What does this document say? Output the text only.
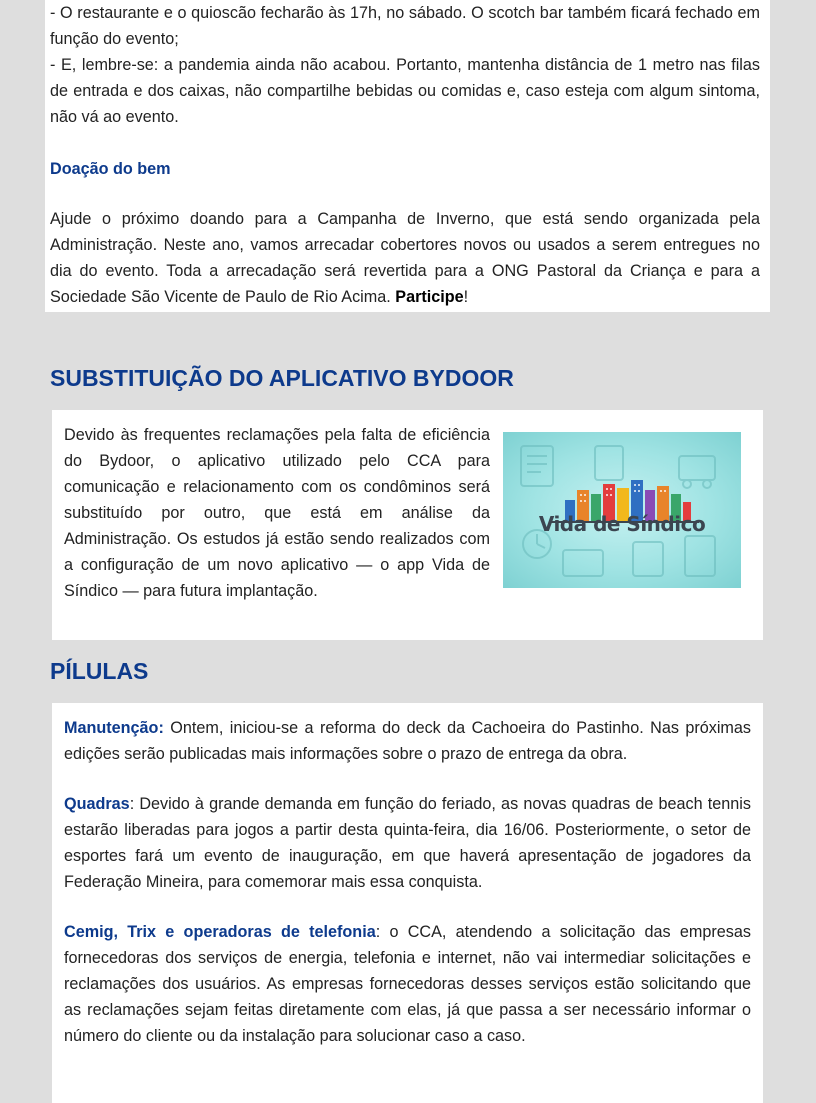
- O restaurante e o quioscão fecharão às 17h, no sábado. O scotch bar também ficará fechado em função do evento;

- E, lembre-se: a pandemia ainda não acabou. Portanto, mantenha distância de 1 metro nas filas de entrada e dos caixas, não compartilhe bebidas ou comidas e, caso esteja com algum sintoma, não vá ao evento.

Doação do bem

Ajude o próximo doando para a Campanha de Inverno, que está sendo organizada pela Administração. Neste ano, vamos arrecadar cobertores novos ou usados a serem entregues no dia do evento. Toda a arrecadação será revertida para a ONG Pastoral da Criança e para a Sociedade São Vicente de Paulo de Rio Acima. Participe!

SUBSTITUIÇÃO DO APLICATIVO BYDOOR

Devido às frequentes reclamações pela falta de eficiência do Bydoor, o aplicativo utilizado pelo CCA para comunicação e relacionamento com os condôminos será substituído por outro, que está em análise da Administração. Os estudos já estão sendo realizados com a configuração de um novo aplicativo — o app Vida de Síndico — para futura implantação.

Vida de Síndico
PÍLULAS

Manutenção: Ontem, iniciou-se a reforma do deck da Cachoeira do Pastinho. Nas próximas edições serão publicadas mais informações sobre o prazo de entrega da obra.

Quadras: Devido à grande demanda em função do feriado, as novas quadras de beach tennis estarão liberadas para jogos a partir desta quinta-feira, dia 16/06. Posteriormente, o setor de esportes fará um evento de inauguração, em que haverá apresentação de jogadores da Federação Mineira, para comemorar mais essa conquista.

Cemig, Trix e operadoras de telefonia: o CCA, atendendo a solicitação das empresas fornecedoras dos serviços de energia, telefonia e internet, não vai intermediar solicitações e reclamações dos usuários. As empresas fornecedoras desses serviços estão solicitando que as reclamações sejam feitas diretamente com elas, já que passa a ser necessário informar o número do cliente ou da instalação para solucionar caso a caso.
